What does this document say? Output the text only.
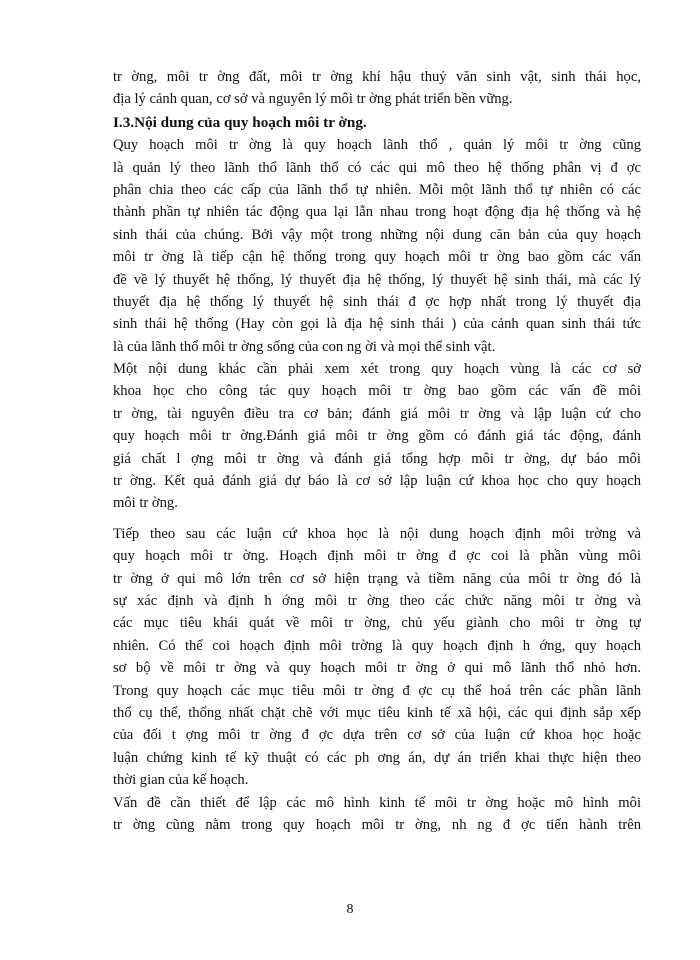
tr ờng, môi tr ờng đất, môi tr ờng khí hậu thuỷ văn sinh vật, sinh thái học,
địa lý cảnh quan, cơ sở và nguyên lý môi tr ờng phát triển bền vững.
I.3.Nội dung của quy hoạch môi tr ờng.
Quy hoạch môi tr ờng là quy hoạch lãnh thổ , quản lý môi tr ờng cũng
là quản lý theo lãnh thổ lãnh thổ có các qui mô theo hệ thống phân vị đ ợc
phân chia theo các cấp của lãnh thổ tự nhiên. Mỗi một lãnh thổ tự nhiên có các
thành phần tự nhiên tác động qua lại lẫn nhau trong hoạt động địa hệ thống và hệ
sinh thái của chúng. Bởi vậy một trong những nội dung căn bản của quy hoạch
môi tr ờng là tiếp cận hệ thống trong quy hoạch môi tr ờng bao gồm các vấn
đề về lý thuyết hệ thống, lý thuyết địa hệ thống, lý thuyết hệ sinh thái, mà các lý
thuyết địa hệ thống lý thuyết hệ sinh thái đ ợc hợp nhất trong lý thuyết địa
sinh thái hệ thống (Hay còn gọi là địa hệ sinh thái ) của cảnh quan sinh thái tức
là của lãnh thổ môi tr ờng sống của con ng ời và mọi thể sinh vật.
Một nội dung khác cần phải xem xét trong quy hoạch vùng là các cơ sở
khoa học cho công tác quy hoạch môi tr ờng bao gồm các vấn đề môi
tr ờng, tài nguyên điều tra cơ bản; đánh giá môi tr ờng và lập luận cứ cho
quy hoạch môi tr ờng.Đánh giá môi tr ờng gồm có đánh giá tác động, đánh
giá chất l ợng môi tr ờng và đánh giá tổng hợp môi tr ờng, dự báo môi
tr ờng. Kết quả đánh giá dự báo là cơ sở lập luận cứ khoa học cho quy hoạch
môi tr ờng.
Tiếp theo sau các luận cứ khoa học là nội dung hoạch định môi trờng và
quy hoạch môi tr ờng. Hoạch định môi tr ờng đ ợc coi là phần vùng môi
tr ờng ở qui mô lớn trên cơ sở hiện trạng và tiềm năng của môi tr ờng đó là
sự xác định và định h ớng môi tr ờng theo các chức năng môi tr ờng và
các mục tiêu khái quát về môi tr ờng, chủ yếu giành cho môi tr ờng tự
nhiên. Có thể coi hoạch định môi trờng là quy hoạch định h ớng, quy hoạch
sơ bộ về môi tr ờng và quy hoạch môi tr ờng ở qui mô lãnh thổ nhỏ hơn.
Trong quy hoạch các mục tiêu môi tr ờng đ ợc cụ thể hoá trên các phần lãnh
thổ cụ thể, thống nhất chặt chẽ với mục tiêu kinh tế xã hội, các qui định sắp xếp
của đối t ợng môi tr ờng đ ợc dựa trên cơ sở của luận cứ khoa học hoặc
luận chứng kinh tế kỹ thuật có các ph ơng án, dự án triển khai thực hiện theo
thời gian của kế hoạch.
Vấn đề cần thiết để lập các mô hình kinh tế môi tr ờng hoặc mô hình môi
tr ờng cũng nằm trong quy hoạch môi tr ờng, nh ng đ ợc tiến hành trên
8
